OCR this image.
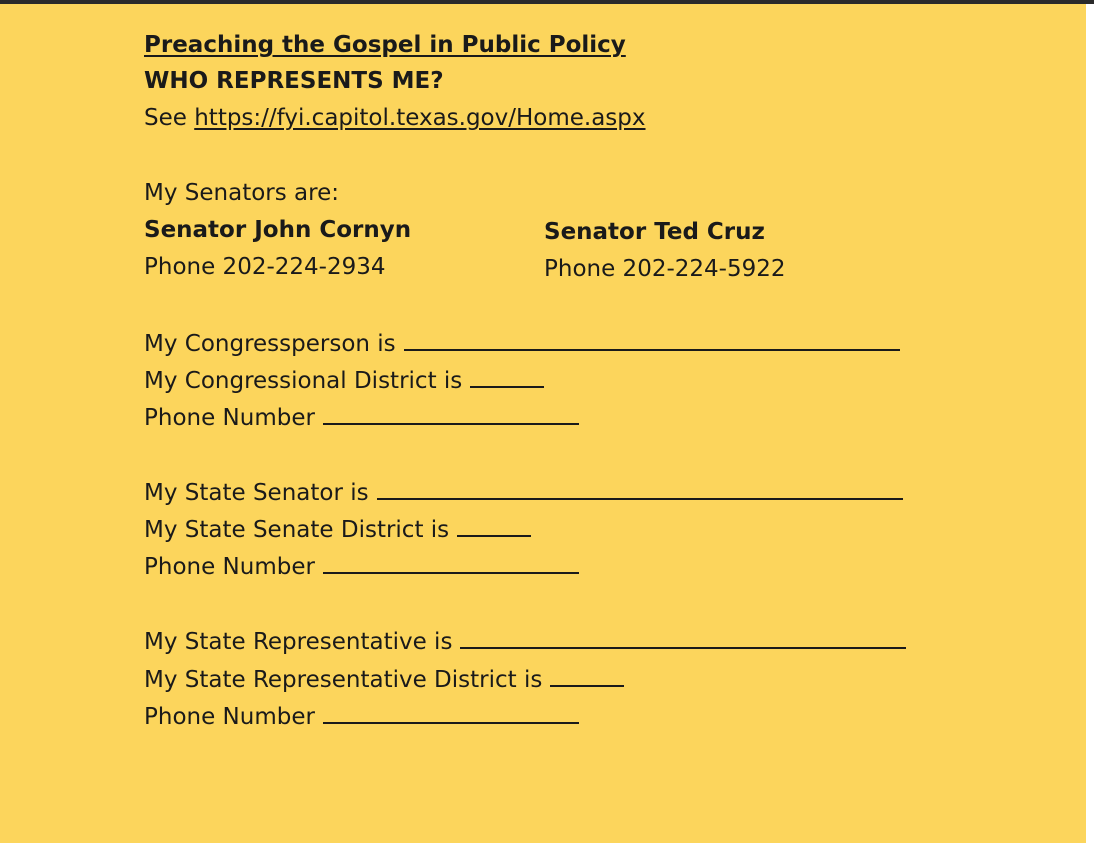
Preaching the Gospel in Public Policy
WHO REPRESENTS ME?
See https://fyi.capitol.texas.gov/Home.aspx
My Senators are:
Senator John Cornyn
Phone 202-224-2934
Senator Ted Cruz
Phone 202-224-5922
My Congressperson is
My Congressional District is
Phone Number
My State Senator is
My State Senate District is
Phone Number
My State Representative is
My State Representative District is
Phone Number
